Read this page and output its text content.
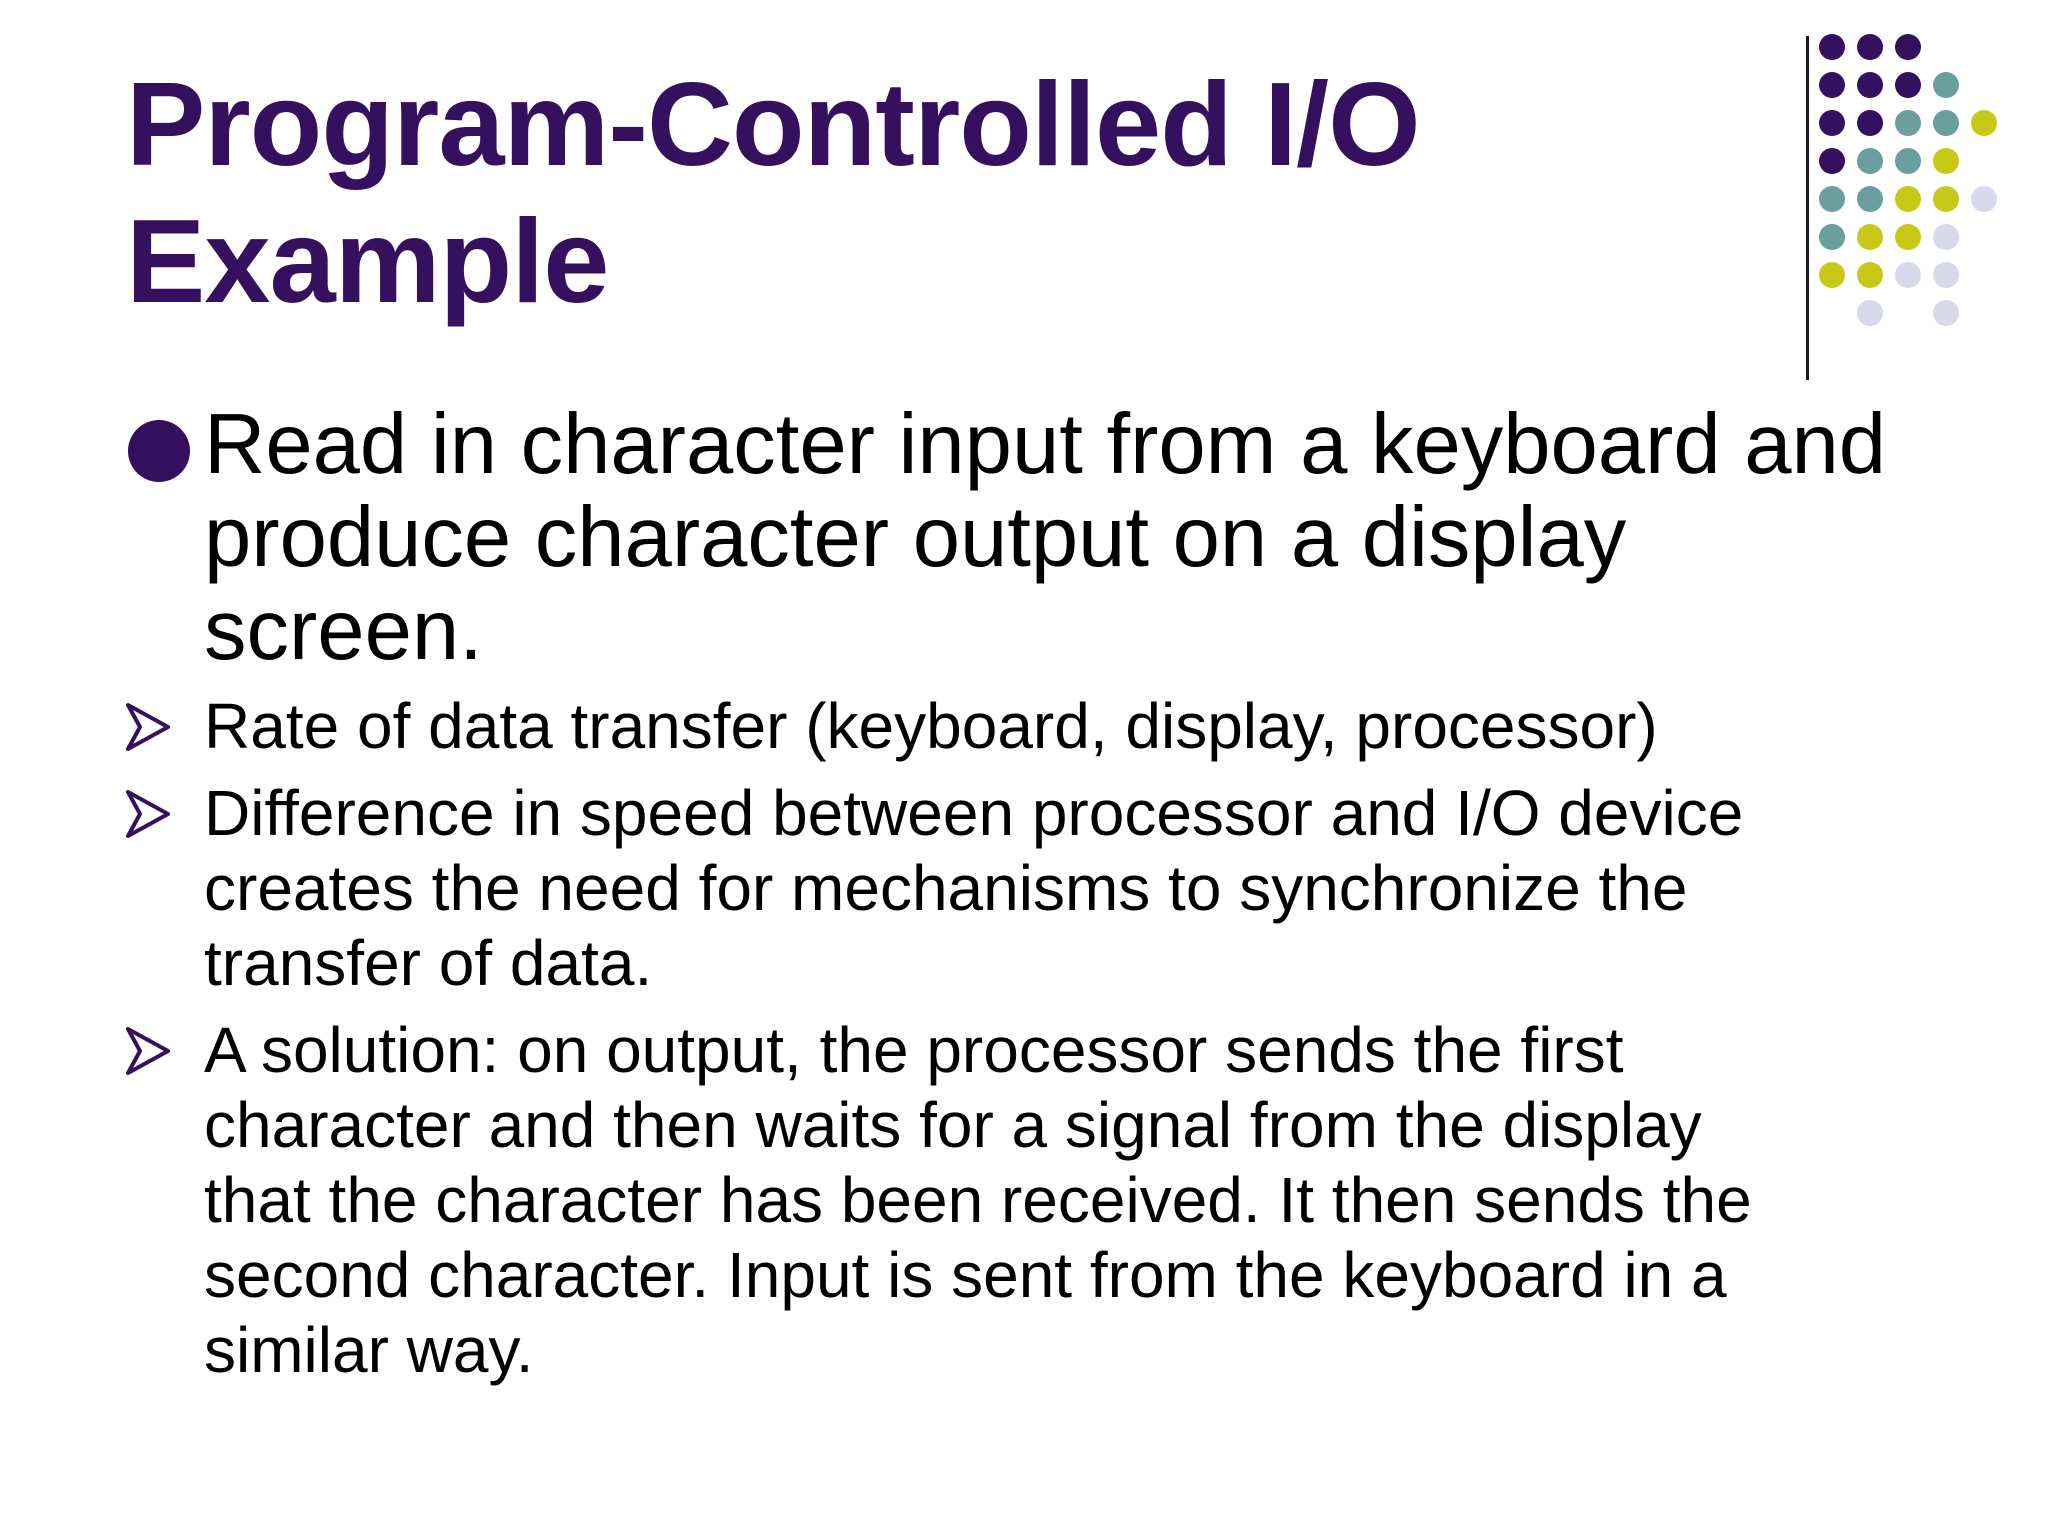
Program-Controlled I/O
Example
Read in character input from a keyboard and
produce character output on a display
screen.
Rate of data transfer (keyboard, display, processor)
Difference in speed between processor and I/O device
creates the need for mechanisms to synchronize the
transfer of data.
A solution: on output, the processor sends the first
character and then waits for a signal from the display
that the character has been received. It then sends the
second character. Input is sent from the keyboard in a
similar way.
